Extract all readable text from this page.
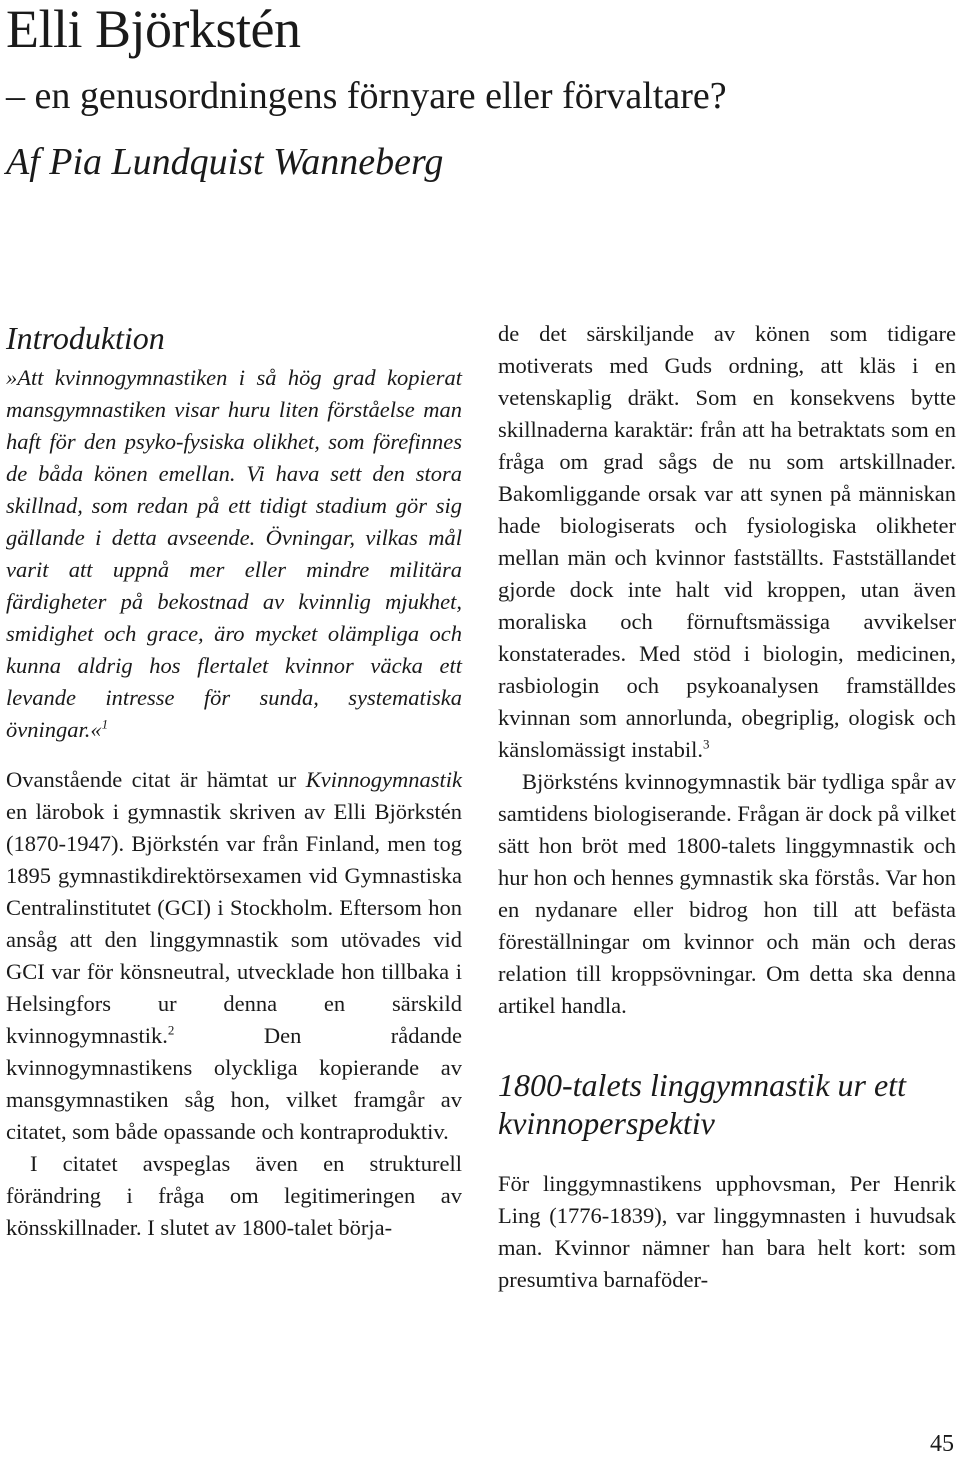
Elli Björkstén
– en genusordningens förnyare eller förvaltare?
Af Pia Lundquist Wanneberg
Introduktion

»Att kvinnogymnastiken i så hög grad kopierat mansgymnastiken visar huru liten förståelse man haft för den psyko-fysiska olikhet, som förefinnes de båda könen emellan. Vi hava sett den stora skillnad, som redan på ett tidigt stadium gör sig gällande i detta avseende. Övningar, vilkas mål varit att uppnå mer eller mindre militära färdigheter på bekostnad av kvinnlig mjukhet, smidighet och grace, äro mycket olämpliga och kunna aldrig hos flertalet kvinnor väcka ett levande intresse för sunda, systematiska övningar.«$^1$

Ovanstående citat är hämtat ur Kvinnogymnastik en lärobok i gymnastik skriven av Elli Björkstén (1870-1947). Björkstén var från Finland, men tog 1895 gymnastikdirektörsexamen vid Gymnastiska Centralinstitutet (GCI) i Stockholm. Eftersom hon ansåg att den linggymnastik som utövades vid GCI var för könsneutral, utvecklade hon tillbaka i Helsingfors ur denna en särskild kvinnogymnastik.$^2$ Den rådande kvinnogymnastikens olyckliga kopierande av mansgymnastiken såg hon, vilket framgår av citatet, som både opassande och kontraproduktiv.

I citatet avspeglas även en strukturell förändring i fråga om legitimeringen av könsskillnader. I slutet av 1800-talet börja-

de det särskiljande av könen som tidigare motiverats med Guds ordning, att kläs i en vetenskaplig dräkt. Som en konsekvens bytte skillnaderna karaktär: från att ha betraktats som en fråga om grad sågs de nu som artskillnader. Bakomliggande orsak var att synen på människan hade biologiserats och fysiologiska olikheter mellan män och kvinnor fastställts. Fastställandet gjorde dock inte halt vid kroppen, utan även moraliska och förnuftsmässiga avvikelser konstaterades. Med stöd i biologin, medicinen, rasbiologin och psykoanalysen framställdes kvinnan som annorlunda, obegriplig, ologisk och känslomässigt instabil.$^3$

Björksténs kvinnogymnastik bär tydliga spår av samtidens biologiserande. Frågan är dock på vilket sätt hon bröt med 1800-talets linggymnastik och hur hon och hennes gymnastik ska förstås. Var hon en nydanare eller bidrog hon till att befästa föreställningar om kvinnor och män och deras relation till kroppsövningar. Om detta ska denna artikel handla.

1800-talets linggymnastik ur ett kvinnoperspektiv

För linggymnastikens upphovsman, Per Henrik Ling (1776-1839), var linggymnasten i huvudsak man. Kvinnor nämner han bara helt kort: som presumtiva barnaföder-

45
